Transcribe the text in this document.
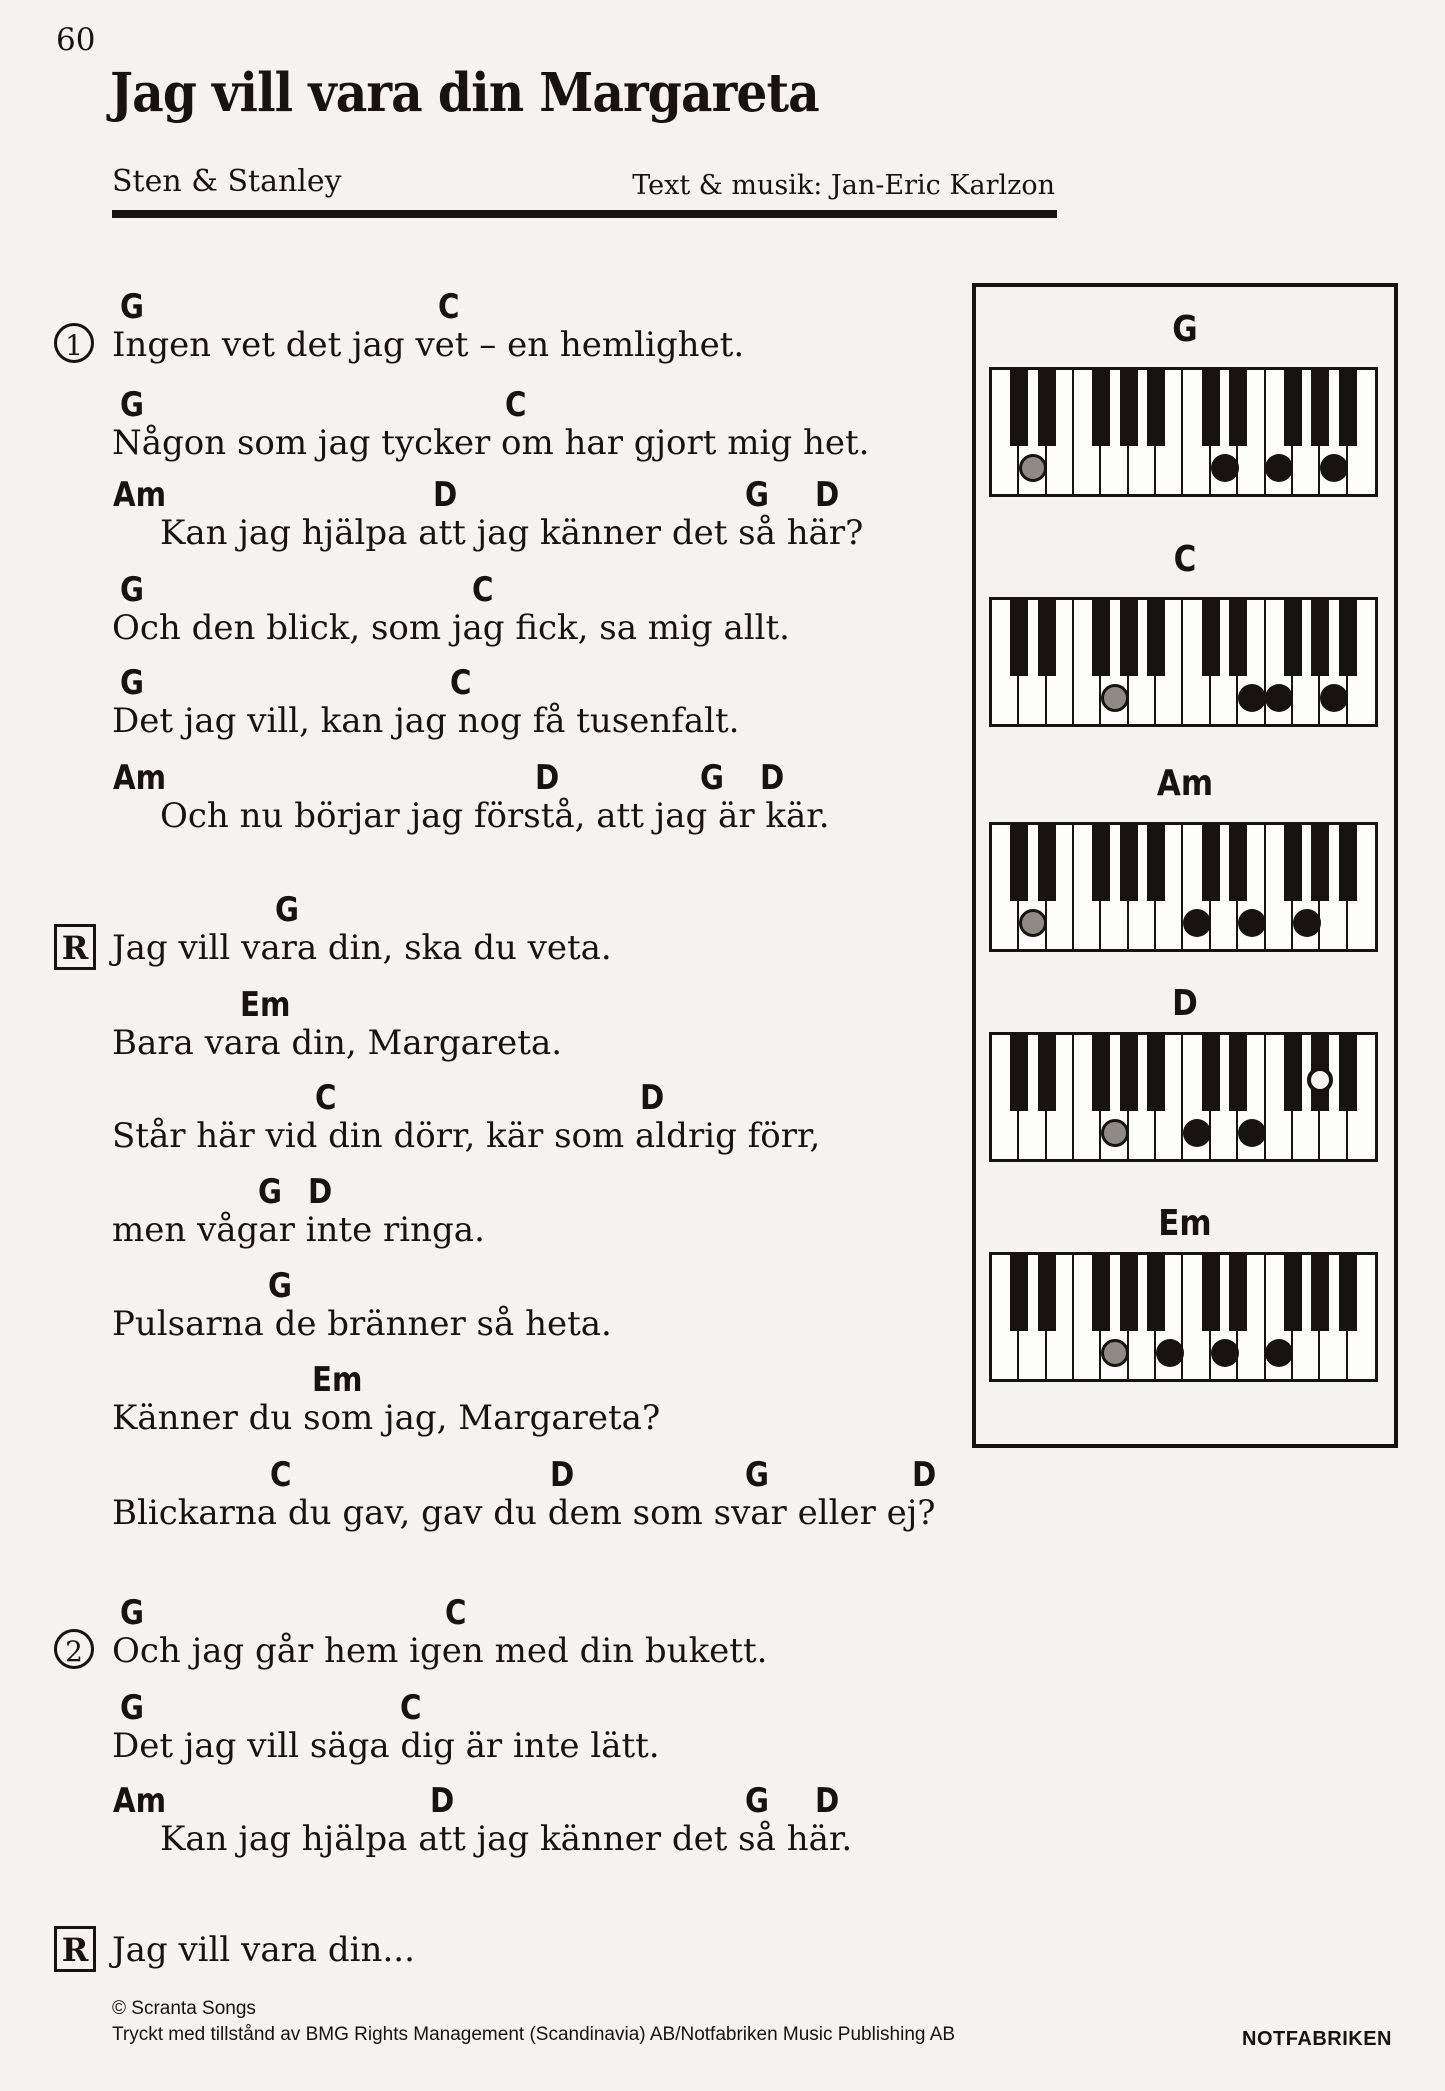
60
Jag vill vara din Margareta
Sten & Stanley	Text & musik: Jan-Eric Karlzon
G	C
1 Ingen vet det jag vet – en hemlighet.
G	C
Någon som jag tycker om har gjort mig het.
Am	D	G D
Kan jag hjälpa att jag känner det så här?
G	C
Och den blick, som jag fick, sa mig allt.
G	C
Det jag vill, kan jag nog få tusenfalt.
Am	D	G D
Och nu börjar jag förstå, att jag är kär.
G
R Jag vill vara din, ska du veta.
Em
Bara vara din, Margareta.
C	D
Står här vid din dörr, kär som aldrig förr,
G D
men vågar inte ringa.
G
Pulsarna de bränner så heta.
Em
Känner du som jag, Margareta?
C	D	G	D
Blickarna du gav, gav du dem som svar eller ej?
G	C
2 Och jag går hem igen med din bukett.
G	C
Det jag vill säga dig är inte lätt.
Am	D	G D
Kan jag hjälpa att jag känner det så här.
R Jag vill vara din...
G
C
Am
D
Em
© Scranta Songs
Tryckt med tillstånd av BMG Rights Management (Scandinavia) AB/Notfabriken Music Publishing AB	NOTFABRIKEN
